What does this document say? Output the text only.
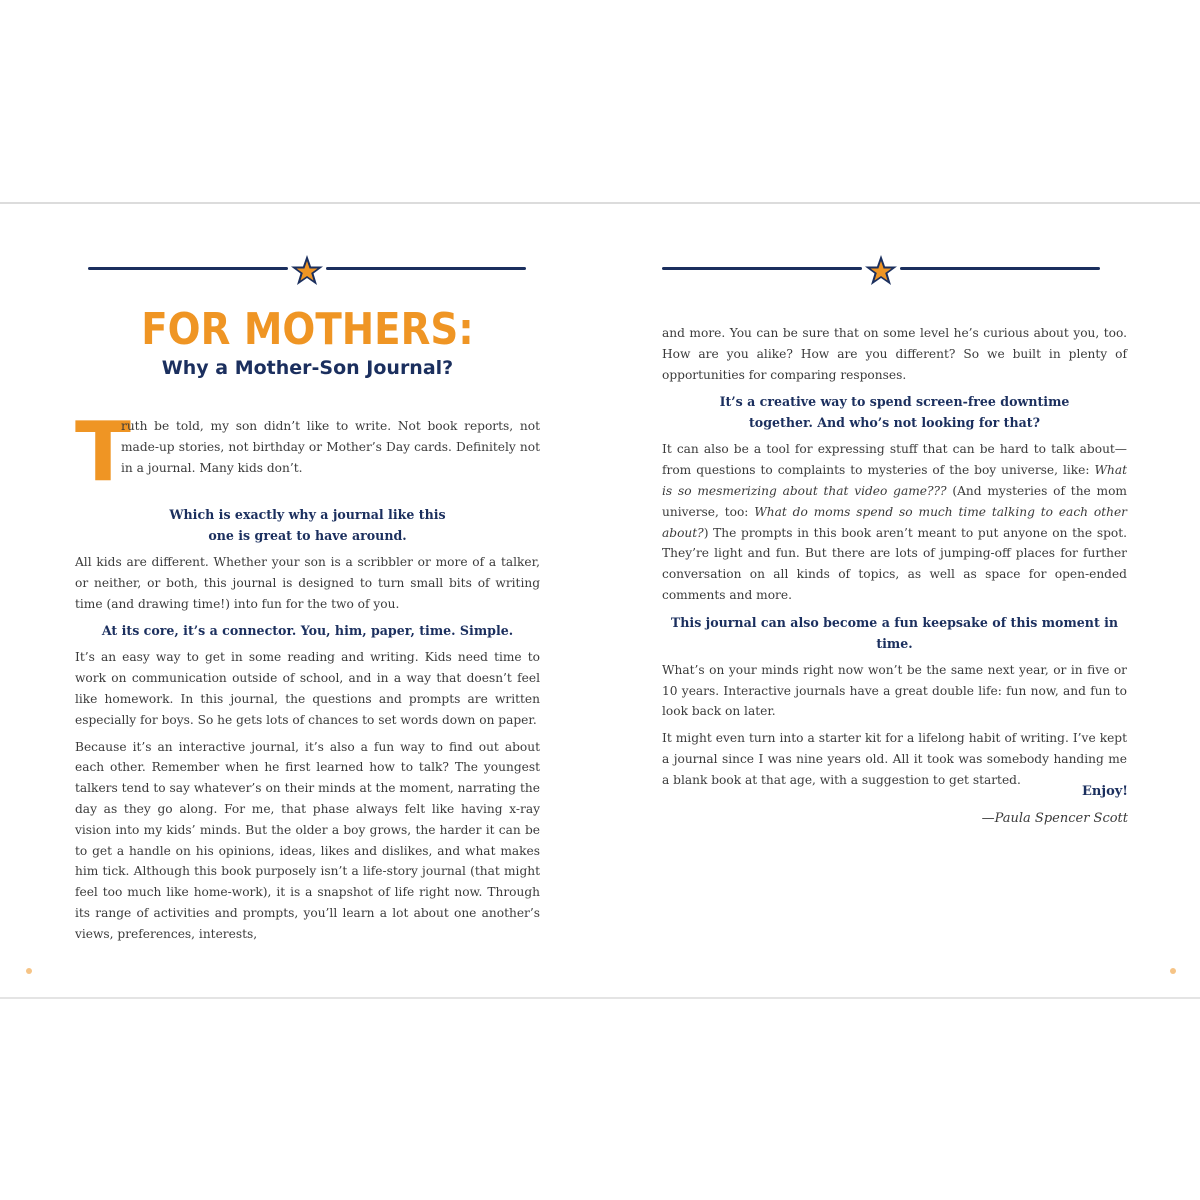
FOR MOTHERS:
Why a Mother-Son Journal?
T
ruth be told, my son didn’t like to write. Not book reports, not made-up stories, not birthday or Mother’s Day cards. Definitely not in a journal. Many kids don’t.

Which is exactly why a journal like this one is great to have around.

All kids are different. Whether your son is a scribbler or more of a talker, or neither, or both, this journal is designed to turn small bits of writing time (and drawing time!) into fun for the two of you.

At its core, it’s a connector. You, him, paper, time. Simple.

It’s an easy way to get in some reading and writing. Kids need time to work on communication outside of school, and in a way that doesn’t feel like homework. In this journal, the questions and prompts are written especially for boys. So he gets lots of chances to set words down on paper.

Because it’s an interactive journal, it’s also a fun way to find out about each other. Remember when he first learned how to talk? The youngest talkers tend to say whatever’s on their minds at the moment, narrating the day as they go along. For me, that phase always felt like having x-ray vision into my kids’ minds. But the older a boy grows, the harder it can be to get a handle on his opinions, ideas, likes and dislikes, and what makes him tick. Although this book purposely isn’t a life-story journal (that might feel too much like home-work), it is a snapshot of life right now. Through its range of activities and prompts, you’ll learn a lot about one another’s views, preferences, interests,

and more. You can be sure that on some level he’s curious about you, too. How are you alike? How are you different? So we built in plenty of opportunities for comparing responses.

It’s a creative way to spend screen-free downtime together. And who’s not looking for that?

It can also be a tool for expressing stuff that can be hard to talk about—from questions to complaints to mysteries of the boy universe, like: What is so mesmerizing about that video game??? (And mysteries of the mom universe, too: What do moms spend so much time talking to each other about?) The prompts in this book aren’t meant to put anyone on the spot. They’re light and fun. But there are lots of jumping-off places for further conversation on all kinds of topics, as well as space for open-ended comments and more.

This journal can also become a fun keepsake of this moment in time.

What’s on your minds right now won’t be the same next year, or in five or 10 years. Interactive journals have a great double life: fun now, and fun to look back on later.

It might even turn into a starter kit for a lifelong habit of writing. I’ve kept a journal since I was nine years old. All it took was somebody handing me a blank book at that age, with a suggestion to get started.

Enjoy!
—Paula Spencer Scott
